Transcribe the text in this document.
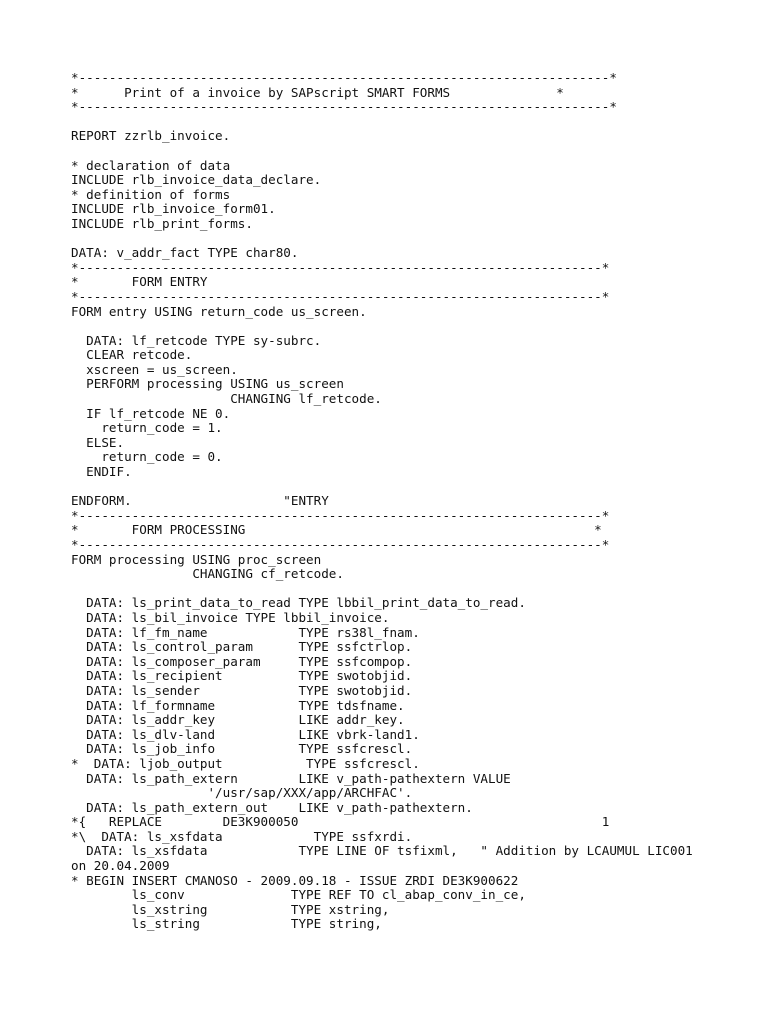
*----------------------------------------------------------------------*
*      Print of a invoice by SAPscript SMART FORMS              *
*----------------------------------------------------------------------*
REPORT zzrlb_invoice.
* declaration of data
INCLUDE rlb_invoice_data_declare.
* definition of forms
INCLUDE rlb_invoice_form01.
INCLUDE rlb_print_forms.
DATA: v_addr_fact TYPE char80.
*---------------------------------------------------------------------*
*       FORM ENTRY
*---------------------------------------------------------------------*
FORM entry USING return_code us_screen.
DATA: lf_retcode TYPE sy-subrc.
CLEAR retcode.
xscreen = us_screen.
PERFORM processing USING us_screen
CHANGING lf_retcode.
IF lf_retcode NE 0.
return_code = 1.
ELSE.
return_code = 0.
ENDIF.
ENDFORM.                    "ENTRY
*---------------------------------------------------------------------*
*       FORM PROCESSING                                              *
*---------------------------------------------------------------------*
FORM processing USING proc_screen
CHANGING cf_retcode.
DATA: ls_print_data_to_read TYPE lbbil_print_data_to_read.
DATA: ls_bil_invoice TYPE lbbil_invoice.
DATA: lf_fm_name            TYPE rs38l_fnam.
DATA: ls_control_param      TYPE ssfctrlop.
DATA: ls_composer_param     TYPE ssfcompop.
DATA: ls_recipient          TYPE swotobjid.
DATA: ls_sender             TYPE swotobjid.
DATA: lf_formname           TYPE tdsfname.
DATA: ls_addr_key           LIKE addr_key.
DATA: ls_dlv-land           LIKE vbrk-land1.
DATA: ls_job_info           TYPE ssfcrescl.
*  DATA: ljob_output           TYPE ssfcrescl.
DATA: ls_path_extern        LIKE v_path-pathextern VALUE
'/usr/sap/XXX/app/ARCHFAC'.
DATA: ls_path_extern_out    LIKE v_path-pathextern.
*{   REPLACE        DE3K900050                                        1
*\  DATA: ls_xsfdata            TYPE ssfxrdi.
DATA: ls_xsfdata            TYPE LINE OF tsfixml,   " Addition by LCAUMUL LIC001
on 20.04.2009
* BEGIN INSERT CMANOSO - 2009.09.18 - ISSUE ZRDI DE3K900622
ls_conv              TYPE REF TO cl_abap_conv_in_ce,
ls_xstring           TYPE xstring,
ls_string            TYPE string,
